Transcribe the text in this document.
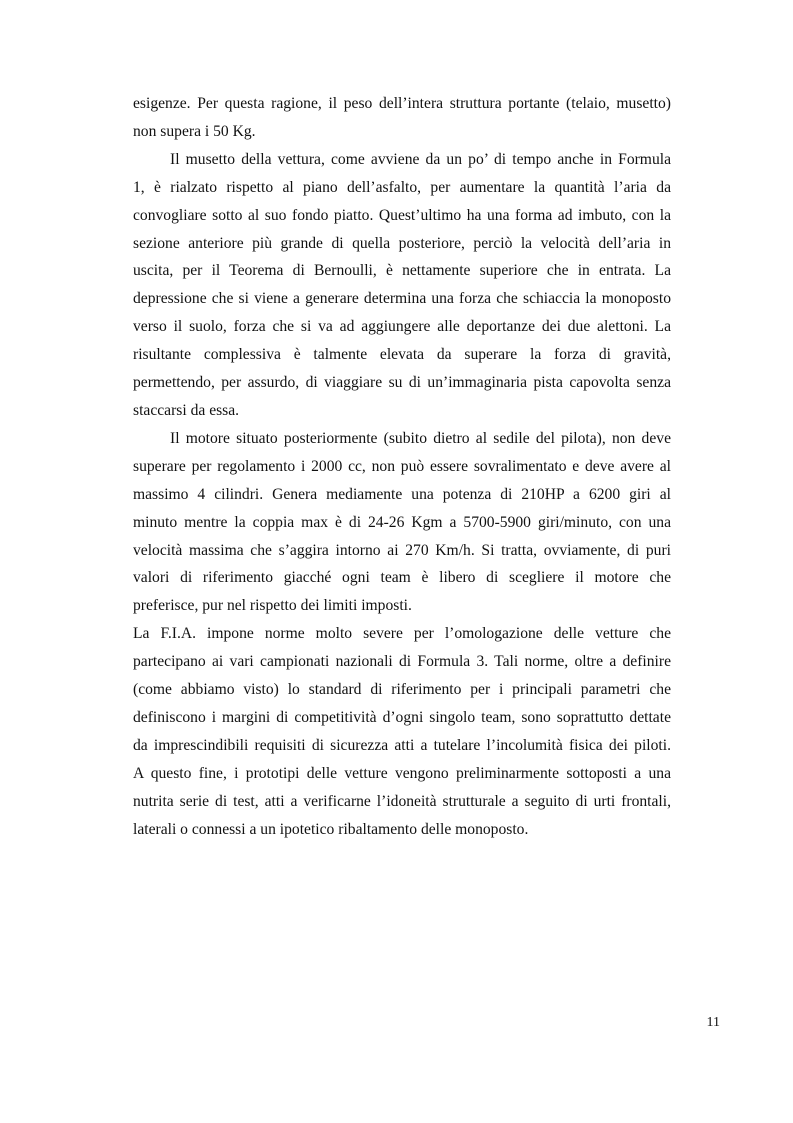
esigenze. Per questa ragione, il peso dell’intera struttura portante (telaio, musetto)
non supera i 50 Kg.

Il musetto della vettura, come avviene da un po’ di tempo anche in Formula
1, è rialzato rispetto al piano dell’asfalto, per aumentare la quantità l’aria da
convogliare sotto al suo fondo piatto. Quest’ultimo ha una forma ad imbuto, con la
sezione anteriore più grande di quella posteriore, perciò la velocità dell’aria in
uscita, per il Teorema di Bernoulli, è nettamente superiore che in entrata. La
depressione che si viene a generare determina una forza che schiaccia la monoposto
verso il suolo, forza che si va ad aggiungere alle deportanze dei due alettoni. La
risultante complessiva è talmente elevata da superare la forza di gravità,
permettendo, per assurdo, di viaggiare su di un’immaginaria pista capovolta senza
staccarsi da essa.

Il motore situato posteriormente (subito dietro al sedile del pilota), non deve
superare per regolamento i 2000 cc, non può essere sovralimentato e deve avere al
massimo 4 cilindri. Genera mediamente una potenza di 210HP a 6200 giri al
minuto mentre la coppia max è di 24-26 Kgm a 5700-5900 giri/minuto, con una
velocità massima che s’aggira intorno ai 270 Km/h. Si tratta, ovviamente, di puri
valori di riferimento giacché ogni team è libero di scegliere il motore che
preferisce, pur nel rispetto dei limiti imposti.

La F.I.A. impone norme molto severe per l’omologazione delle vetture che
partecipano ai vari campionati nazionali di Formula 3. Tali norme, oltre a definire
(come abbiamo visto) lo standard di riferimento per i principali parametri che
definiscono i margini di competitività d’ogni singolo team, sono soprattutto dettate
da imprescindibili requisiti di sicurezza atti a tutelare l’incolumità fisica dei piloti.
A questo fine, i prototipi delle vetture vengono preliminarmente sottoposti a una
nutrita serie di test, atti a verificarne l’idoneità strutturale a seguito di urti frontali,
laterali o connessi a un ipotetico ribaltamento delle monoposto.

11
